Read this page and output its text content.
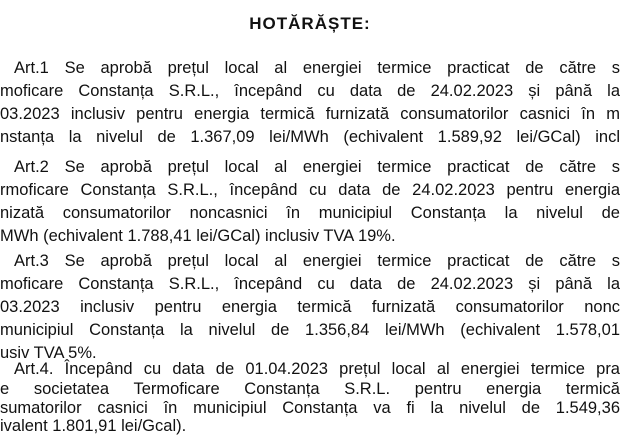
HOTĂRĂȘTE:
Art.1 Se aprobă prețul local al energiei termice practicat de către s
moficare Constanța S.R.L., începând cu data de 24.02.2023 și până la
03.2023 inclusiv pentru energia termică furnizată consumatorilor casnici în m
nstanța la nivelul de 1.367,09 lei/MWh (echivalent 1.589,92 lei/GCal) incl
Art.2 Se aprobă prețul local al energiei termice practicat de către s
rmoficare Constanța S.R.L., începând cu data de 24.02.2023 pentru energia
nizată consumatorilor noncasnici în municipiul Constanța la nivelul de
MWh (echivalent 1.788,41 lei/GCal) inclusiv TVA 19%.
Art.3 Se aprobă prețul local al energiei termice practicat de către s
moficare Constanța S.R.L., începând cu data de 24.02.2023 și până la
03.2023 inclusiv pentru energia termică furnizată consumatorilor nonc
municipiul Constanța la nivelul de 1.356,84 lei/MWh (echivalent 1.578,01
usiv TVA 5%.
Art.4. Începând cu data de 01.04.2023 prețul local al energiei termice pra
e societatea Termoficare Constanța S.R.L. pentru energia termică
sumatorilor casnici în municipiul Constanța va fi la nivelul de 1.549,36
ivalent 1.801,91 lei/Gcal).
